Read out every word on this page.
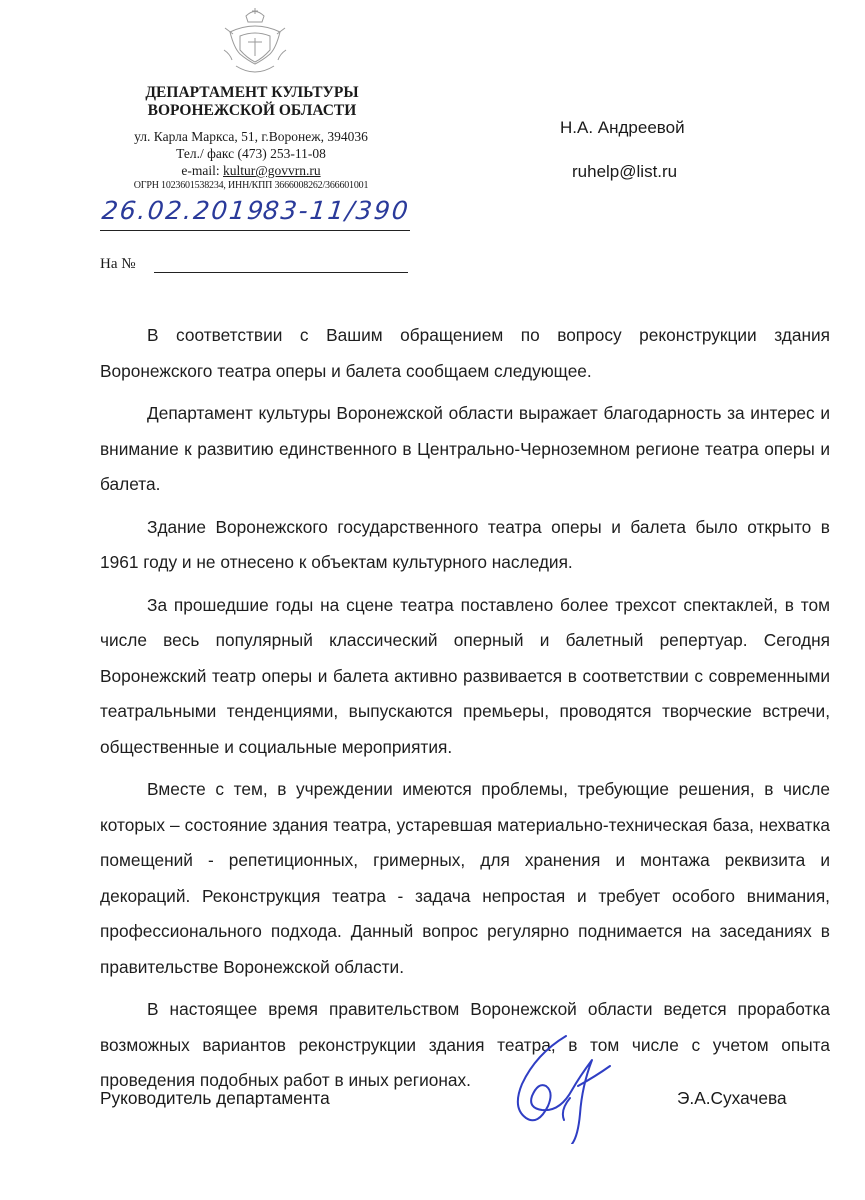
ДЕПАРТАМЕНТ КУЛЬТУРЫ
ВОРОНЕЖСКОЙ ОБЛАСТИ
ул. Карла Маркса, 51, г.Воронеж, 394036
Тел./ факс (473) 253-11-08
e-mail: kultur@govvrn.ru
ОГРН 1023601538234, ИНН/КПП 3666008262/366601001
26.02.2019
83-11/390
На №
Н.А. Андреевой
ruhelp@list.ru

В соответствии с Вашим обращением по вопросу реконструкции здания Воронежского театра оперы и балета сообщаем следующее.

Департамент культуры Воронежской области выражает благодарность за интерес и внимание к развитию единственного в Центрально-Черноземном регионе театра оперы и балета.

Здание Воронежского государственного театра оперы и балета было открыто в 1961 году и не отнесено к объектам культурного наследия.

За прошедшие годы на сцене театра поставлено более трехсот спектаклей, в том числе весь популярный классический оперный и балетный репертуар. Сегодня Воронежский театр оперы и балета активно развивается в соответствии с современными театральными тенденциями, выпускаются премьеры, проводятся творческие встречи, общественные и социальные мероприятия.

Вместе с тем, в учреждении имеются проблемы, требующие решения, в числе которых – состояние здания театра, устаревшая материально-техническая база, нехватка помещений - репетиционных, гримерных, для хранения и монтажа реквизита и декораций. Реконструкция театра - задача непростая и требует особого внимания, профессионального подхода. Данный вопрос регулярно поднимается на заседаниях в правительстве Воронежской области.

В настоящее время правительством Воронежской области ведется проработка возможных вариантов реконструкции здания театра, в том числе с учетом опыта проведения подобных работ в иных регионах.

Руководитель департамента	Э.А.Сухачева
